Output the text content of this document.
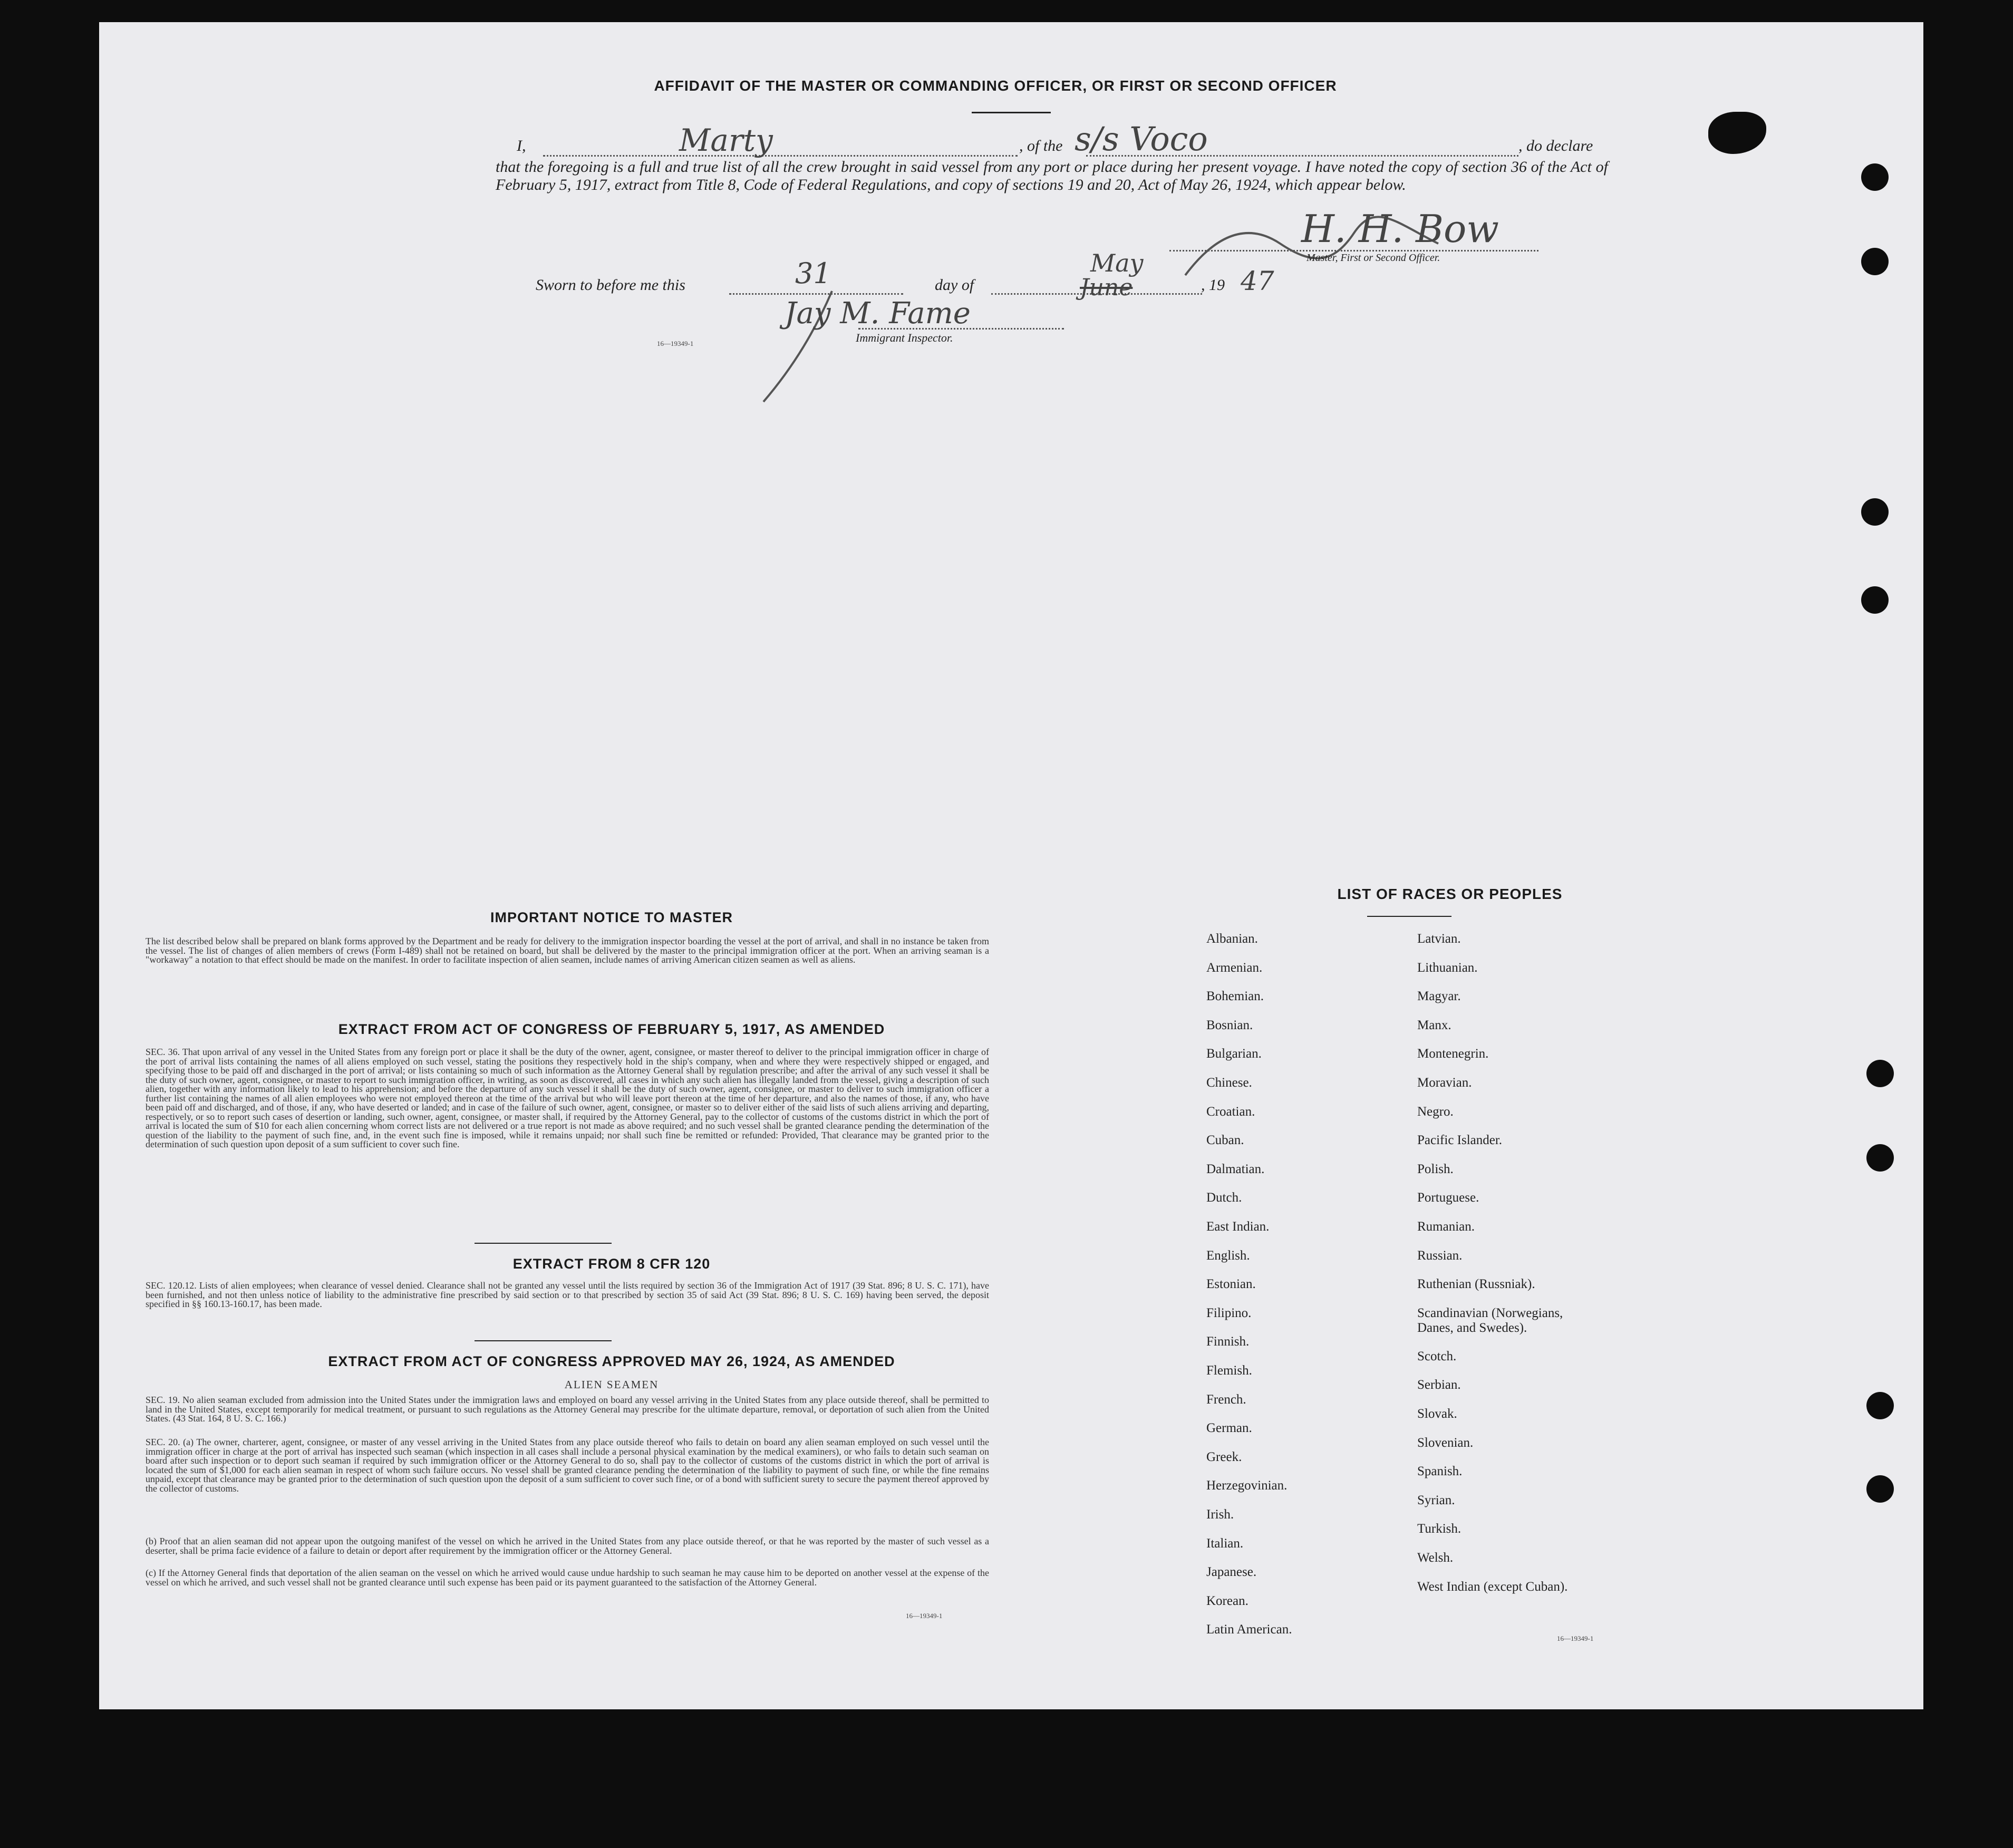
AFFIDAVIT OF THE MASTER OR COMMANDING OFFICER, OR FIRST OR SECOND OFFICER
I,	Marty	, of the s/s Voco	, do declare
that the foregoing is a full and true list of all the crew brought in said vessel from any port or place during her present voyage. I have noted the copy of section 36 of the Act of February 5, 1917, extract from Title 8, Code of Federal Regulations, and copy of sections 19 and 20, Act of May 26, 1924, which appear below.
Sworn to before me this	31	day of
May
June	, 19 47
H. H. Bow
Master, First or Second Officer.
16—19349-1
Jay M. Fame
Immigrant Inspector.
IMPORTANT NOTICE TO MASTER
The list described below shall be prepared on blank forms approved by the Department and be ready for delivery to the immigration inspector boarding the vessel at the port of arrival, and shall in no instance be taken from the vessel. The list of changes of alien members of crews (Form I-489) shall not be retained on board, but shall be delivered by the master to the principal immigration officer at the port. When an arriving seaman is a "workaway" a notation to that effect should be made on the manifest. In order to facilitate inspection of alien seamen, include names of arriving American citizen seamen as well as aliens.
EXTRACT FROM ACT OF CONGRESS OF FEBRUARY 5, 1917, AS AMENDED
SEC. 36. That upon arrival of any vessel in the United States from any foreign port or place it shall be the duty of the owner, agent, consignee, or master thereof to deliver to the principal immigration officer in charge of the port of arrival lists containing the names of all aliens employed on such vessel, stating the positions they respectively hold in the ship's company, when and where they were respectively shipped or engaged, and specifying those to be paid off and discharged in the port of arrival; or lists containing so much of such information as the Attorney General shall by regulation prescribe; and after the arrival of any such vessel it shall be the duty of such owner, agent, consignee, or master to report to such immigration officer, in writing, as soon as discovered, all cases in which any such alien has illegally landed from the vessel, giving a description of such alien, together with any information likely to lead to his apprehension; and before the departure of any such vessel it shall be the duty of such owner, agent, consignee, or master to deliver to such immigration officer a further list containing the names of all alien employees who were not employed thereon at the time of the arrival but who will leave port thereon at the time of her departure, and also the names of those, if any, who have been paid off and discharged, and of those, if any, who have deserted or landed; and in case of the failure of such owner, agent, consignee, or master so to deliver either of the said lists of such aliens arriving and departing, respectively, or so to report such cases of desertion or landing, such owner, agent, consignee, or master shall, if required by the Attorney General, pay to the collector of customs of the customs district in which the port of arrival is located the sum of $10 for each alien concerning whom correct lists are not delivered or a true report is not made as above required; and no such vessel shall be granted clearance pending the determination of the question of the liability to the payment of such fine, and, in the event such fine is imposed, while it remains unpaid; nor shall such fine be remitted or refunded: Provided, That clearance may be granted prior to the determination of such question upon deposit of a sum sufficient to cover such fine.
EXTRACT FROM 8 CFR 120
SEC. 120.12. Lists of alien employees; when clearance of vessel denied. Clearance shall not be granted any vessel until the lists required by section 36 of the Immigration Act of 1917 (39 Stat. 896; 8 U. S. C. 171), have been furnished, and not then unless notice of liability to the administrative fine prescribed by said section or to that prescribed by section 35 of said Act (39 Stat. 896; 8 U. S. C. 169) having been served, the deposit specified in §§ 160.13-160.17, has been made.
EXTRACT FROM ACT OF CONGRESS APPROVED MAY 26, 1924, AS AMENDED
ALIEN SEAMEN
SEC. 19. No alien seaman excluded from admission into the United States under the immigration laws and employed on board any vessel arriving in the United States from any place outside thereof, shall be permitted to land in the United States, except temporarily for medical treatment, or pursuant to such regulations as the Attorney General may prescribe for the ultimate departure, removal, or deportation of such alien from the United States. (43 Stat. 164, 8 U. S. C. 166.)
SEC. 20. (a) The owner, charterer, agent, consignee, or master of any vessel arriving in the United States from any place outside thereof who fails to detain on board any alien seaman employed on such vessel until the immigration officer in charge at the port of arrival has inspected such seaman (which inspection in all cases shall include a personal physical examination by the medical examiners), or who fails to detain such seaman on board after such inspection or to deport such seaman if required by such immigration officer or the Attorney General to do so, shall pay to the collector of customs of the customs district in which the port of arrival is located the sum of $1,000 for each alien seaman in respect of whom such failure occurs. No vessel shall be granted clearance pending the determination of the liability to payment of such fine, or while the fine remains unpaid, except that clearance may be granted prior to the determination of such question upon the deposit of a sum sufficient to cover such fine, or of a bond with sufficient surety to secure the payment thereof approved by the collector of customs.
(b) Proof that an alien seaman did not appear upon the outgoing manifest of the vessel on which he arrived in the United States from any place outside thereof, or that he was reported by the master of such vessel as a deserter, shall be prima facie evidence of a failure to detain or deport after requirement by the immigration officer or the Attorney General.
(c) If the Attorney General finds that deportation of the alien seaman on the vessel on which he arrived would cause undue hardship to such seaman he may cause him to be deported on another vessel at the expense of the vessel on which he arrived, and such vessel shall not be granted clearance until such expense has been paid or its payment guaranteed to the satisfaction of the Attorney General.
16—19349-1
LIST OF RACES OR PEOPLES
Albanian.
Armenian.
Bohemian.
Bosnian.
Bulgarian.
Chinese.
Croatian.
Cuban.
Dalmatian.
Dutch.
East Indian.
English.
Estonian.
Filipino.
Finnish.
Flemish.
French.
German.
Greek.
Herzegovinian.
Irish.
Italian.
Japanese.
Korean.
Latin American.
Latvian.
Lithuanian.
Magyar.
Manx.
Montenegrin.
Moravian.
Negro.
Pacific Islander.
Polish.
Portuguese.
Rumanian.
Russian.
Ruthenian (Russniak).
Scandinavian (Norwegians,
Danes, and Swedes).
Scotch.
Serbian.
Slovak.
Slovenian.
Spanish.
Syrian.
Turkish.
Welsh.
West Indian (except Cuban).
16—19349-1
